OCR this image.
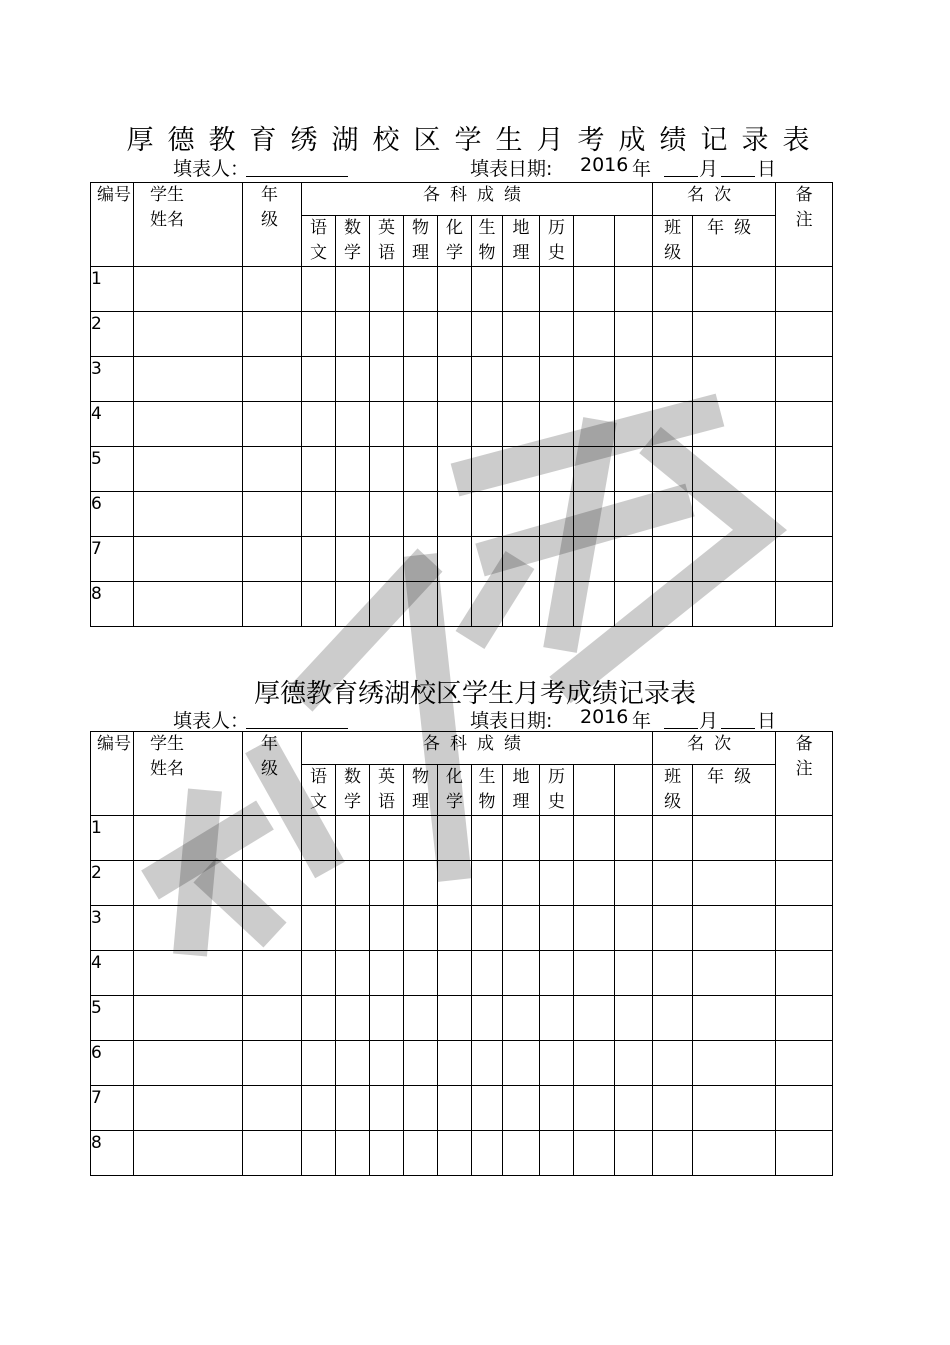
厚德教育绣湖校区学生月考成绩记录表
填表人：	填表日期: 2016 年	月 日
编号	学生姓名	年级	各科成绩										名次		备注

			语文	数学	英语	物理	化学	生物	地理	历史			班级	年级	
1															
2															
3															
4															
5															
6															
7															
8															
厚德教育绣湖校区学生月考成绩记录表
填表人：	填表日期: 2016 年	月 日
编号	学生姓名	年级	各科成绩										名次		备注

			语文	数学	英语	物理	化学	生物	地理	历史			班级	年级	
1															
2															
3															
4															
5															
6															
7															
8															
